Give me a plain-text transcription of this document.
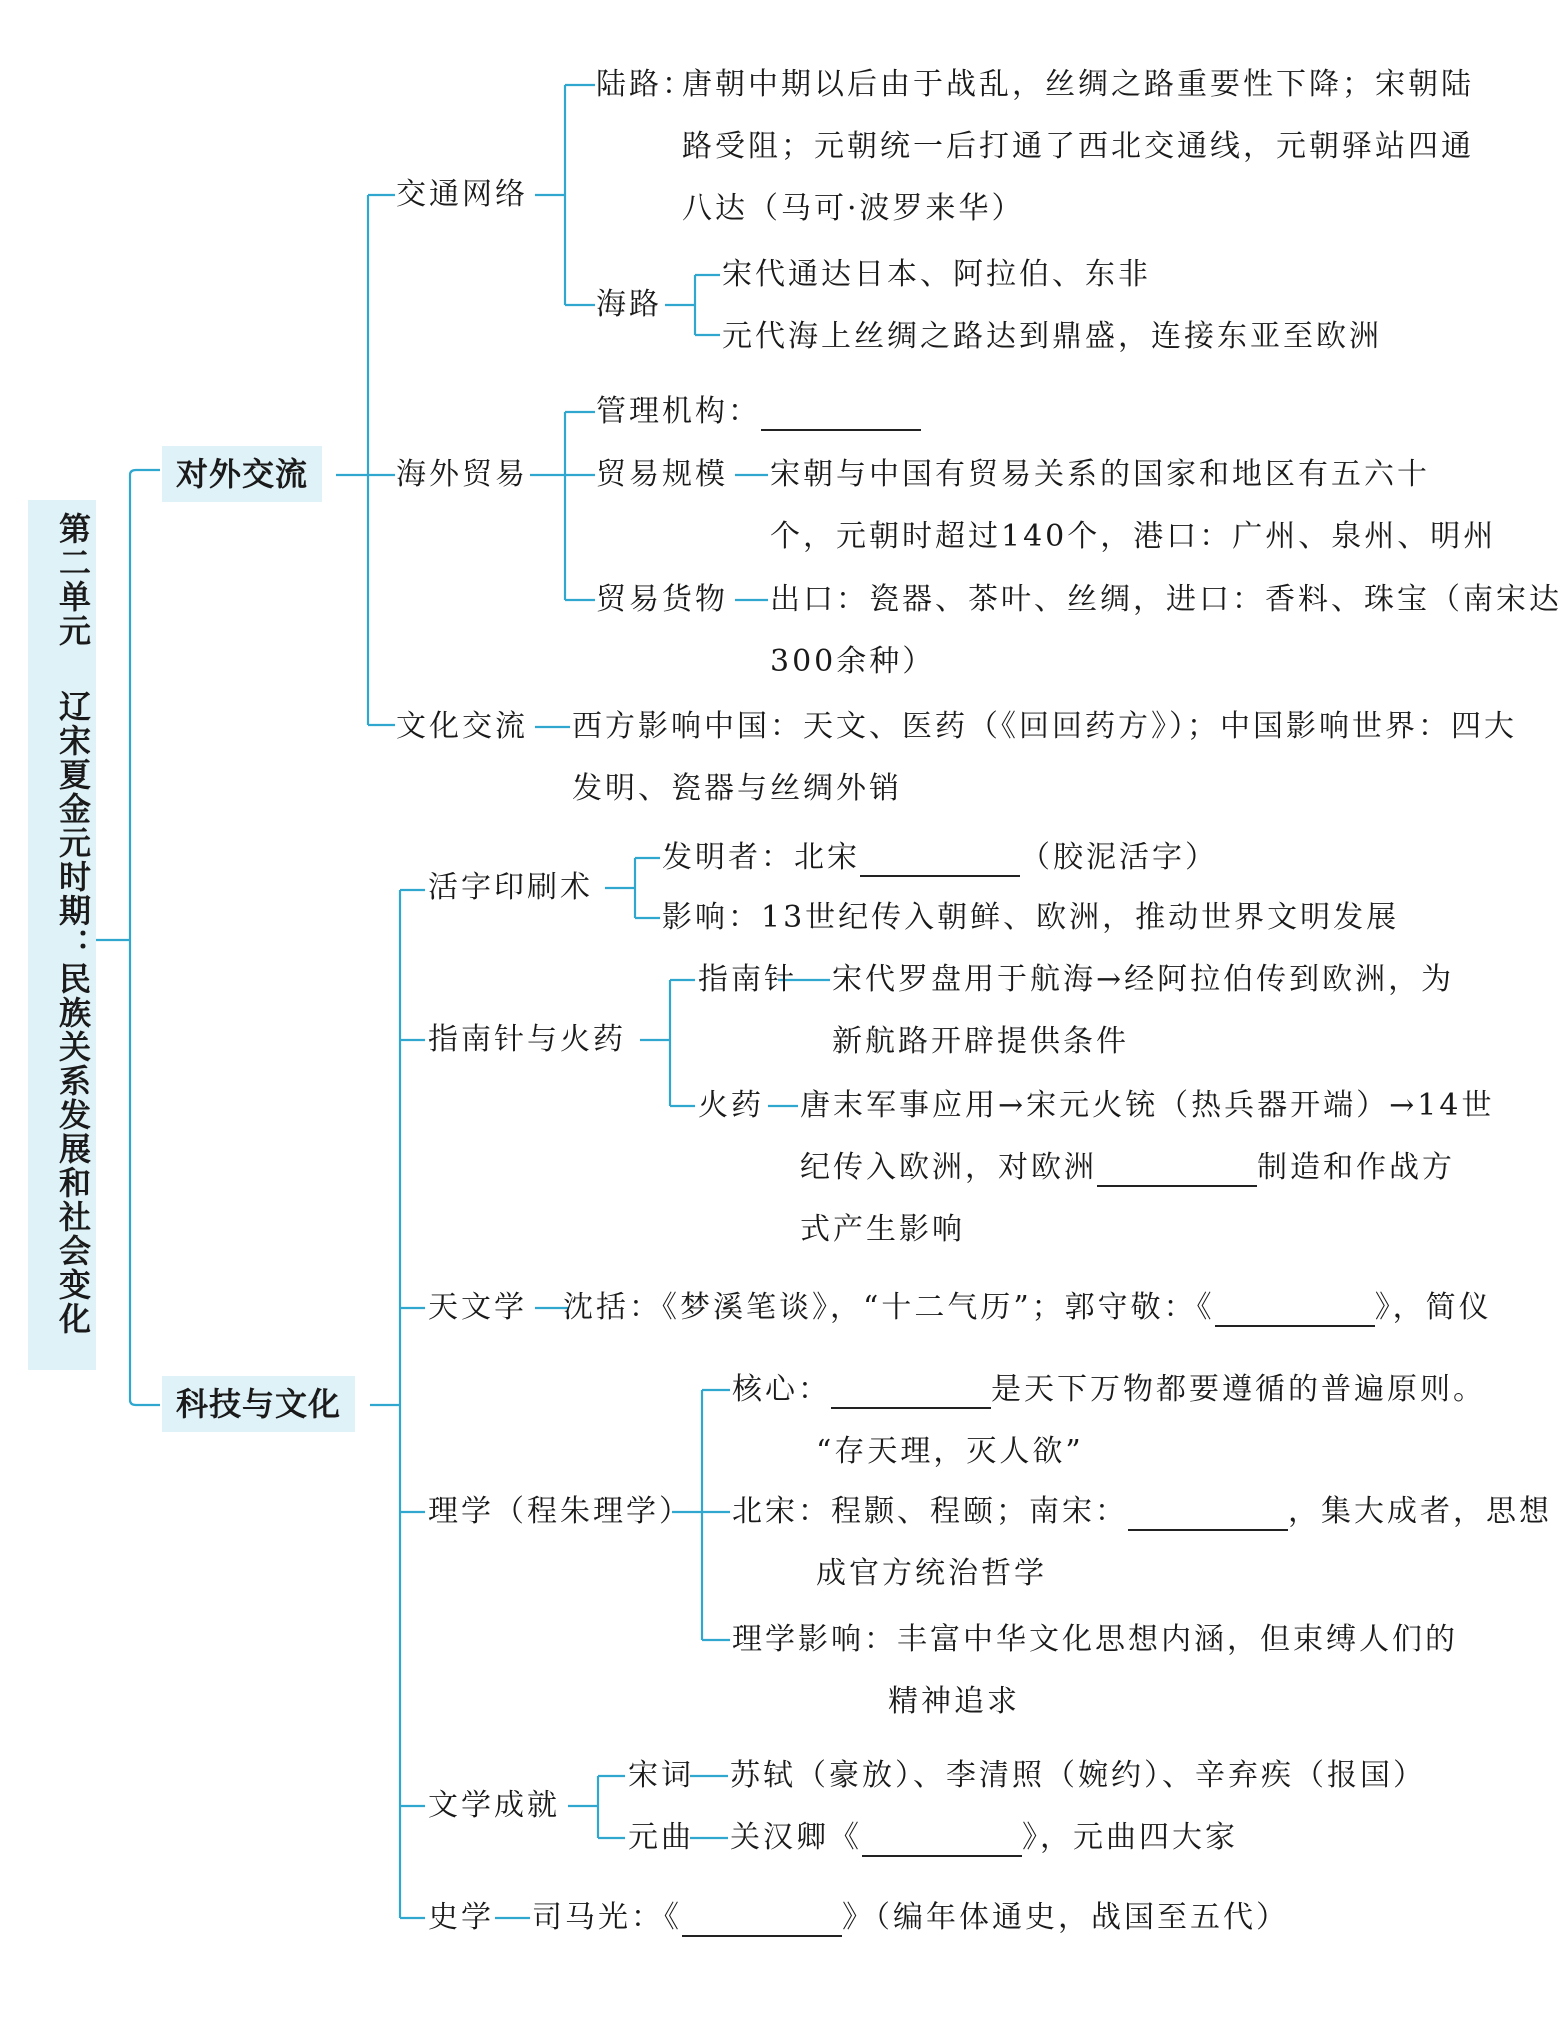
第二单元
辽宋夏金元时期：民族关系发展和社会变化
对外交流
科技与文化
交通网络
陆路：
唐朝中期以后由于战乱，丝绸之路重要性下降；宋朝陆
路受阻；元朝统一后打通了西北交通线，元朝驿站四通
八达（马可·波罗来华）
海路
宋代通达日本、阿拉伯、东非
元代海上丝绸之路达到鼎盛，连接东亚至欧洲
海外贸易
管理机构：
贸易规模 宋朝与中国有贸易关系的国家和地区有五六十
个，元朝时超过140个，港口：广州、泉州、明州
贸易货物 出口：瓷器、茶叶、丝绸，进口：香料、珠宝（南宋达
300余种）
文化交流 西方影响中国：天文、医药（《回回药方》）；中国影响世界：四大
发明、瓷器与丝绸外销
活字印刷术
发明者：北宋	（胶泥活字）
影响：13世纪传入朝鲜、欧洲，推动世界文明发展
指南针与火药
指南针 宋代罗盘用于航海→经阿拉伯传到欧洲，为
新航路开辟提供条件
火药 唐末军事应用→宋元火铳（热兵器开端）→14世
纪传入欧洲，对欧洲	制造和作战方
式产生影响
天文学 沈括：《梦溪笔谈》，“十二气历”；郭守敬：《	》，简仪
理学（程朱理学）
核心：	是天下万物都要遵循的普遍原则。
“存天理，灭人欲”
北宋：程颢、程颐；南宋：	，集大成者，思想
成官方统治哲学
理学影响：丰富中华文化思想内涵，但束缚人们的
精神追求
文学成就
宋词 苏轼（豪放）、李清照（婉约）、辛弃疾（报国）
元曲 关汉卿《	》，元曲四大家
史学 司马光：《	》（编年体通史，战国至五代）
